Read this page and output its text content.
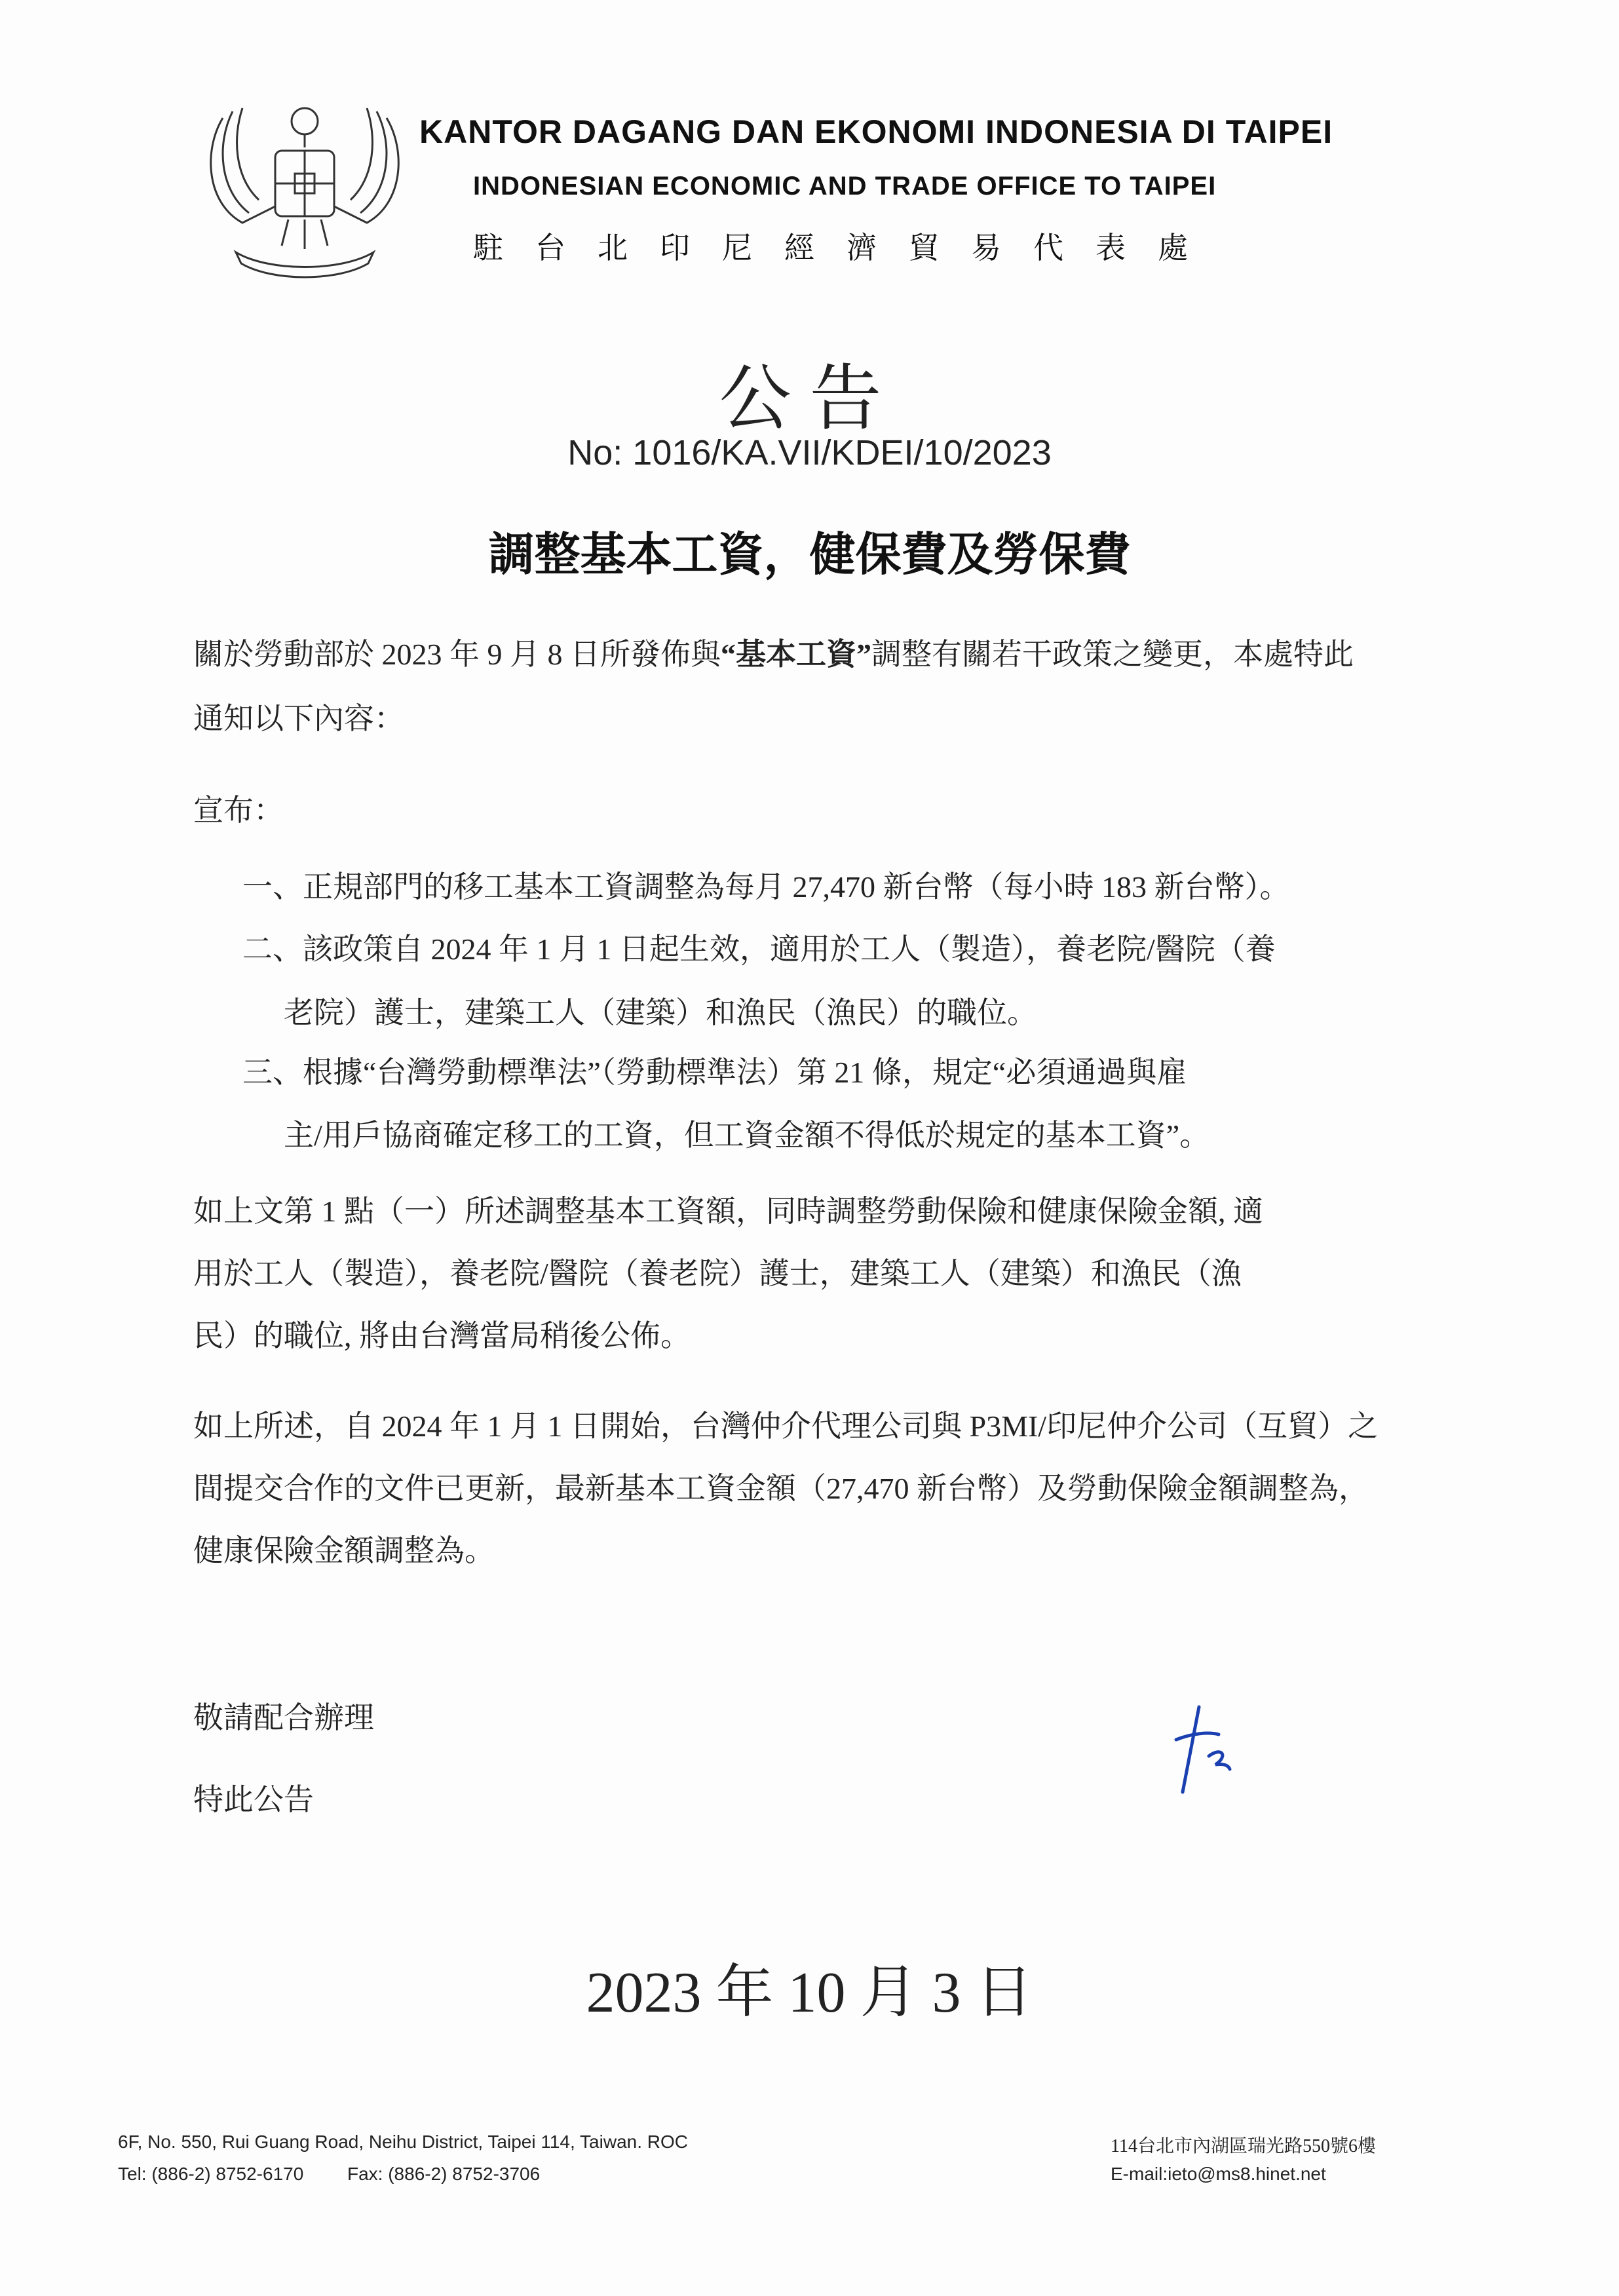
KANTOR DAGANG DAN EKONOMI INDONESIA DI TAIPEI
INDONESIAN ECONOMIC AND TRADE OFFICE TO TAIPEI
駐台北印尼經濟貿易代表處
公告
No: 1016/KA.VII/KDEI/10/2023
調整基本工資，健保費及勞保費
關於勞動部於 2023 年 9 月 8 日所發佈與“基本工資”調整有關若干政策之變更，本處特此通知以下內容：
宣布：
一、正規部門的移工基本工資調整為每月 27,470 新台幣（每小時 183 新台幣）。
二、該政策自 2024 年 1 月 1 日起生效，適用於工人（製造），養老院/醫院（養
老院）護士，建築工人（建築）和漁民（漁民）的職位。
三、根據“台灣勞動標準法”（勞動標準法）第 21 條，規定“必須通過與雇
主/用戶協商確定移工的工資，但工資金額不得低於規定的基本工資”。
如上文第 1 點（一）所述調整基本工資額，同時調整勞動保險和健康保險金額, 適
用於工人（製造），養老院/醫院（養老院）護士，建築工人（建築）和漁民（漁
民）的職位, 將由台灣當局稍後公佈。
如上所述，自 2024 年 1 月 1 日開始，台灣仲介代理公司與 P3MI/印尼仲介公司（互貿）之
間提交合作的文件已更新，最新基本工資金額（27,470 新台幣）及勞動保險金額調整為，
健康保險金額調整為。
敬請配合辦理
特此公告
2023 年 10 月 3 日
6F, No. 550, Rui Guang Road, Neihu District, Taipei 114, Taiwan. ROC
Tel: (886-2) 8752-6170 Fax: (886-2) 8752-3706
114台北市內湖區瑞光路550號6樓
E-mail:ieto@ms8.hinet.net
